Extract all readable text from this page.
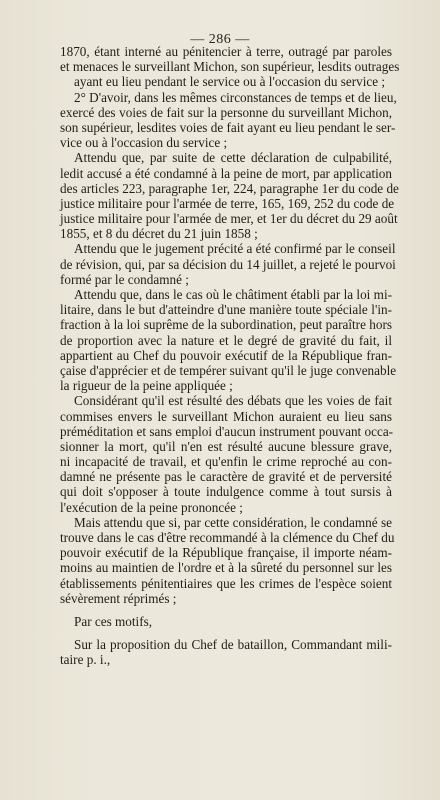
— 286 —
1870, étant interné au pénitencier à terre, outragé par paroles
et menaces le surveillant Michon, son supérieur, lesdits outrages
ayant eu lieu pendant le service ou à l'occasion du service ;
2° D'avoir, dans les mêmes circonstances de temps et de lieu,
exercé des voies de fait sur la personne du surveillant Michon,
son supérieur, lesdites voies de fait ayant eu lieu pendant le ser-
vice ou à l'occasion du service ;
Attendu que, par suite de cette déclaration de culpabilité,
ledit accusé a été condamné à la peine de mort, par application
des articles 223, paragraphe 1er, 224, paragraphe 1er du code de
justice militaire pour l'armée de terre, 165, 169, 252 du code de
justice militaire pour l'armée de mer, et 1er du décret du 29 août
1855, et 8 du décret du 21 juin 1858 ;
Attendu que le jugement précité a été confirmé par le conseil
de révision, qui, par sa décision du 14 juillet, a rejeté le pourvoi
formé par le condamné ;
Attendu que, dans le cas où le châtiment établi par la loi mi-
litaire, dans le but d'atteindre d'une manière toute spéciale l'in-
fraction à la loi suprême de la subordination, peut paraître hors
de proportion avec la nature et le degré de gravité du fait, il
appartient au Chef du pouvoir exécutif de la République fran-
çaise d'apprécier et de tempérer suivant qu'il le juge convenable
la rigueur de la peine appliquée ;
Considérant qu'il est résulté des débats que les voies de fait
commises envers le surveillant Michon auraient eu lieu sans
préméditation et sans emploi d'aucun instrument pouvant occa-
sionner la mort, qu'il n'en est résulté aucune blessure grave,
ni incapacité de travail, et qu'enfin le crime reproché au con-
damné ne présente pas le caractère de gravité et de perversité
qui doit s'opposer à toute indulgence comme à tout sursis à
l'exécution de la peine prononcée ;
Mais attendu que si, par cette considération, le condamné se
trouve dans le cas d'être recommandé à la clémence du Chef du
pouvoir exécutif de la République française, il importe néam-
moins au maintien de l'ordre et à la sûreté du personnel sur les
établissements pénitentiaires que les crimes de l'espèce soient
sévèrement réprimés ;
Par ces motifs,
Sur la proposition du Chef de bataillon, Commandant mili-
taire p. i.,
